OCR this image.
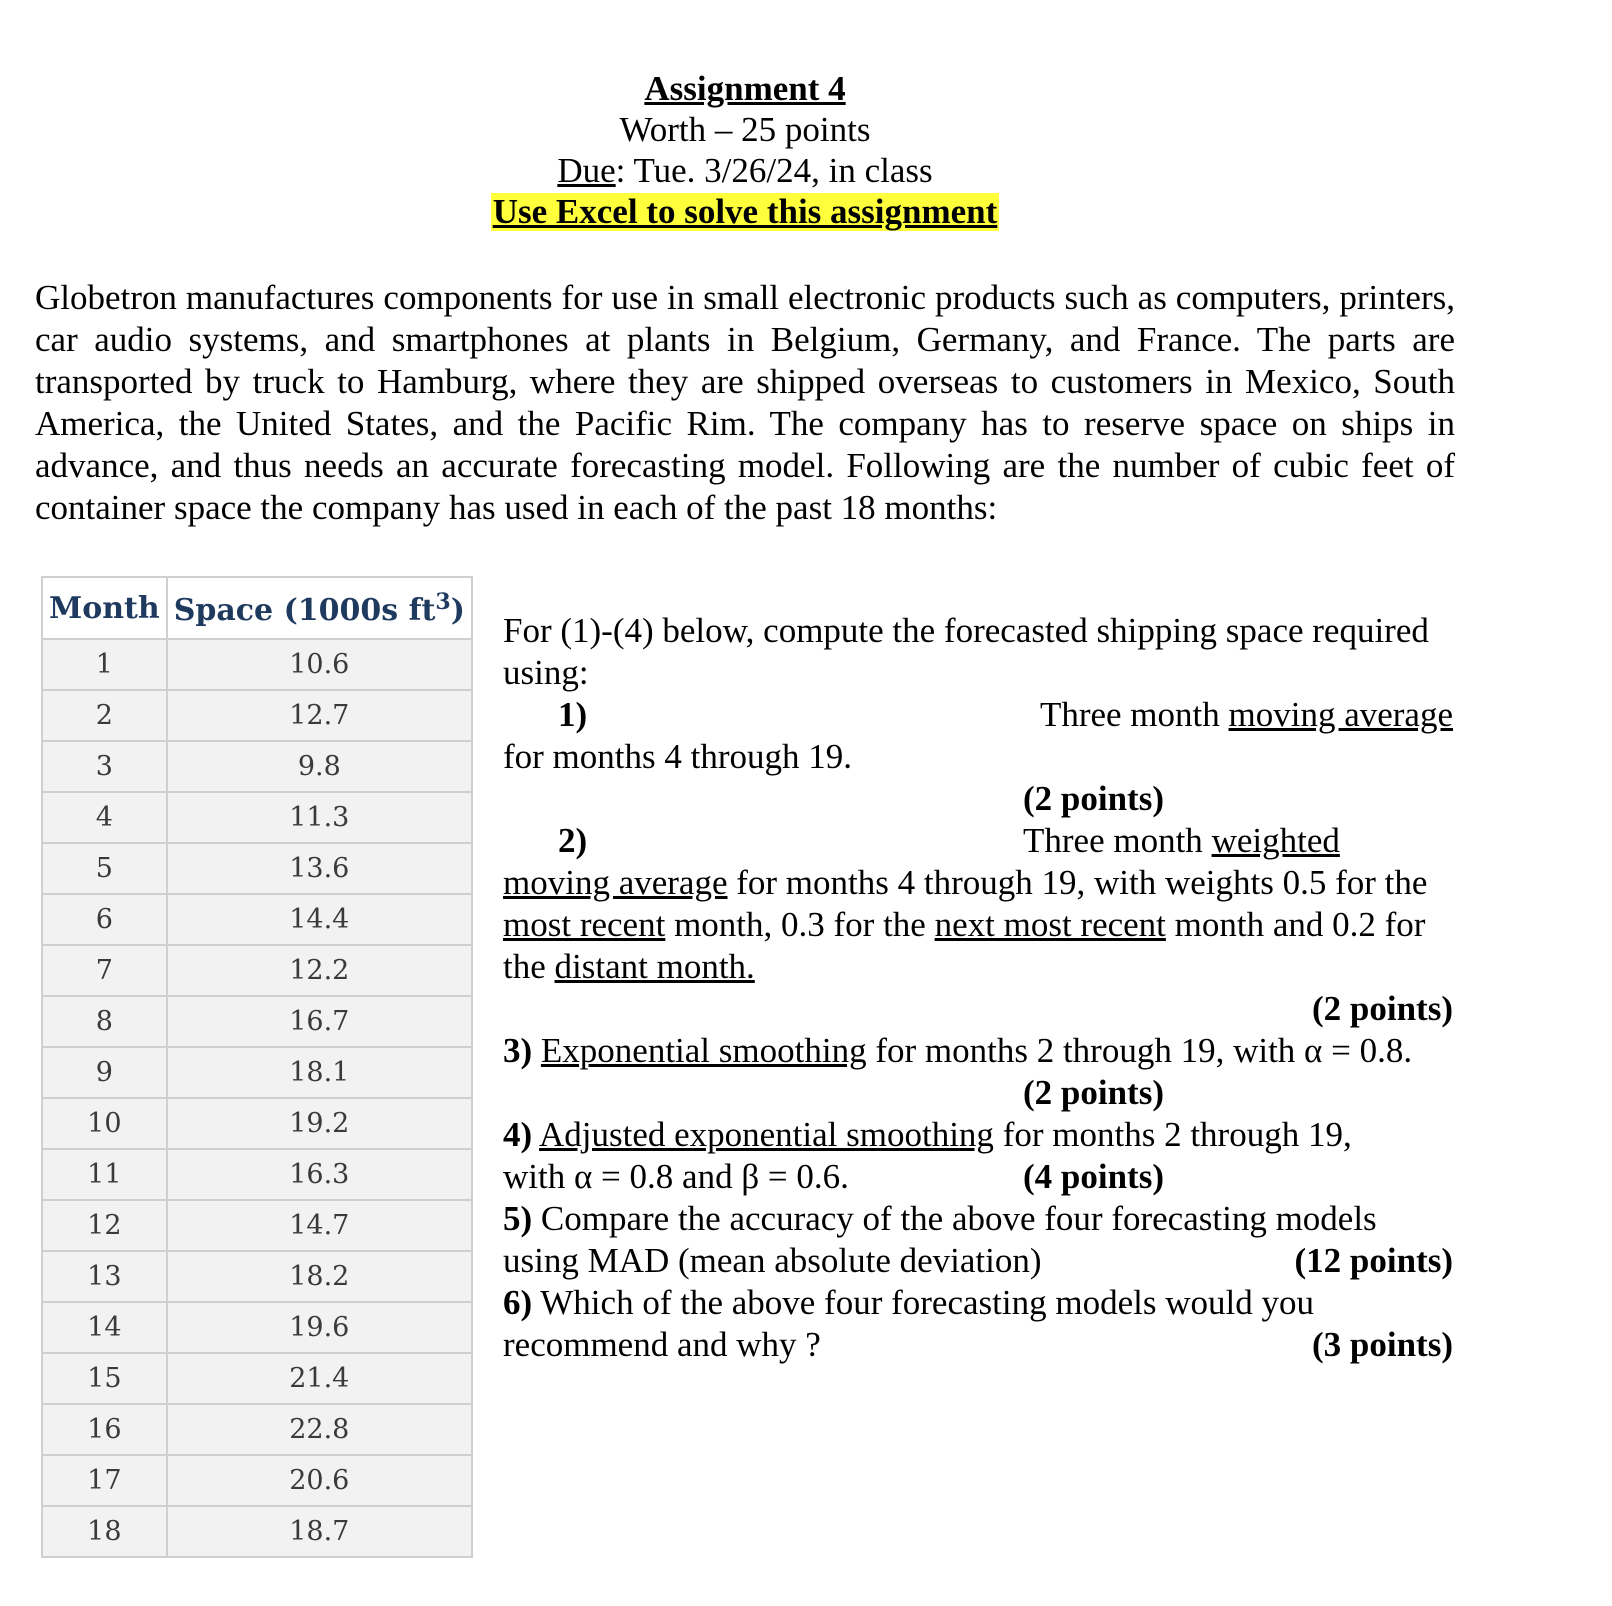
Assignment 4
Worth – 25 points
Due: Tue. 3/26/24, in class
Use Excel to solve this assignment
Globetron manufactures components for use in small electronic products such as computers, printers, car audio systems, and smartphones at plants in Belgium, Germany, and France. The parts are transported by truck to Hamburg, where they are shipped overseas to customers in Mexico, South America, the United States, and the Pacific Rim. The company has to reserve space on ships in advance, and thus needs an accurate forecasting model. Following are the number of cubic feet of container space the company has used in each of the past 18 months:
Month	Space (1000s $ft^3$)
1	10.6
2	12.7
3	9.8
4	11.3
5	13.6
6	14.4
7	12.2
8	16.7
9	18.1
10	19.2
11	16.3
12	14.7
13	18.2
14	19.6
15	21.4
16	22.8
17	20.6
18	18.7

For (1)-(4) below, compute the forecasted shipping space required using:

1)	Three month moving average

for months 4 through 19.

(2 points)

2)	Three month weighted

moving average for months 4 through 19, with weights 0.5 for the most recent month, 0.3 for the next most recent month and 0.2 for the distant month.

(2 points)

3) Exponential smoothing for months 2 through 19, with α = 0.8.

(2 points)

4) Adjusted exponential smoothing for months 2 through 19,

with α = 0.8 and β = 0.6.	(4 points)

5) Compare the accuracy of the above four forecasting models

using MAD (mean absolute deviation)	(12 points)

6) Which of the above four forecasting models would you

recommend and why ?	(3 points)
